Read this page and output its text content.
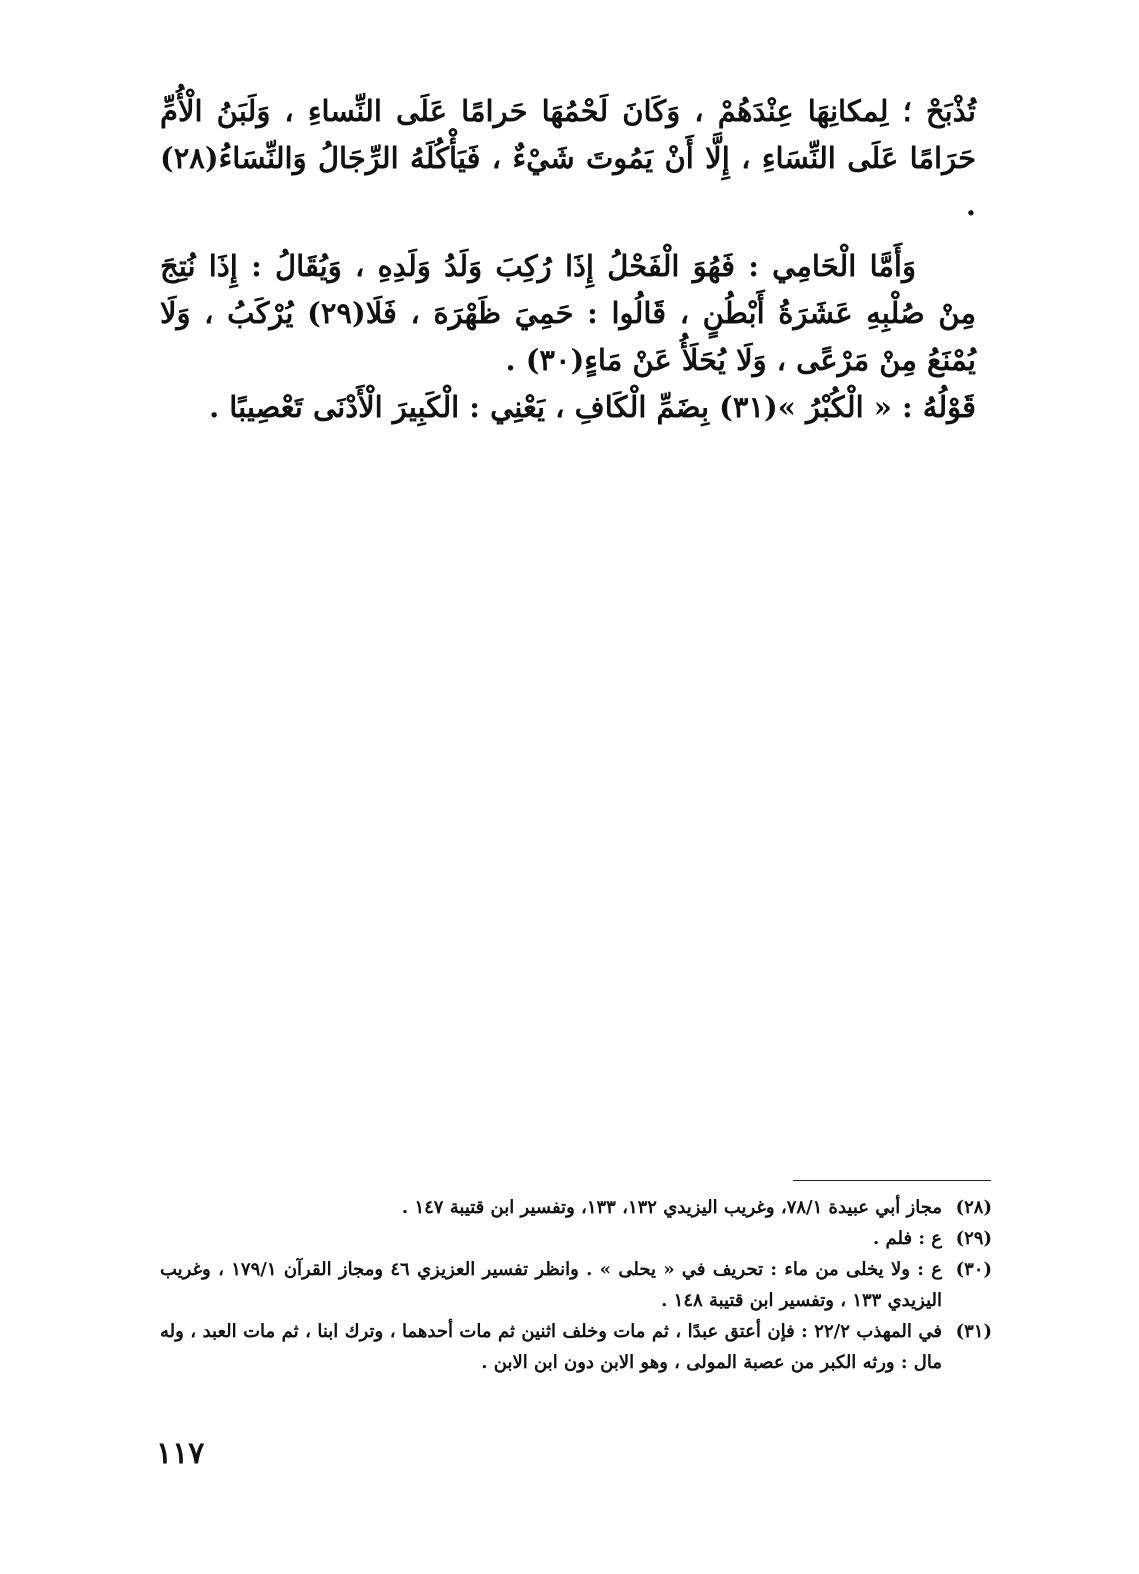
تُذْبَحْ ؛ لِمكانِهَا عِنْدَهُمْ ، وَكَانَ لَحْمُهَا حَرامًا عَلَى النِّساءِ ، وَلَبَنُ الْأُمِّ حَرَامًا عَلَى النِّسَاءِ ، إِلَّا أَنْ يَمُوتَ شَيْءٌ ، فَيَأْكُلَهُ الرِّجَالُ وَالنِّسَاءُ(٢٨) .

وَأَمَّا الْحَامِي : فَهُوَ الْفَحْلُ إِذَا رُكِبَ وَلَدُ وَلَدِهِ ، وَيُقَالُ : إِذَا نُتِجَ مِنْ صُلْبِهِ عَشَرَةُ أَبْطُنٍ ، قَالُوا : حَمِيَ ظَهْرَهَ ، فَلَا(٢٩) يُرْكَبُ ، وَلَا يُمْنَعُ مِنْ مَرْعًى ، وَلَا يُحَلَأُ عَنْ مَاءٍ(٣٠) .

قَوْلُهُ : « الْكُبْرُ »(٣١) بِضَمِّ الْكَافِ ، يَعْنِي : الْكَبِيرَ الْأَدْنَى تَعْصِيبًا .

(٢٨)
مجاز أبي عبيدة ٧٨/١، وغريب اليزيدي ١٣٢، ١٣٣، وتفسير ابن قتيبة ١٤٧ .
(٢٩)
ع : فلم .
(٣٠)
ع : ولا يخلى من ماء : تحريف في « يحلى » . وانظر تفسير العزيزي ٤٦ ومجاز القرآن ١٧٩/١ ، وغريب اليزيدي ١٣٣ ، وتفسير ابن قتيبة ١٤٨ .
(٣١)
في المهذب ٢٢/٢ : فإن أعتق عبدًا ، ثم مات وخلف اثنين ثم مات أحدهما ، وترك ابنا ، ثم مات العبد ، وله مال : ورثه الكبر من عصبة المولى ، وهو الابن دون ابن الابن .
١١٧
